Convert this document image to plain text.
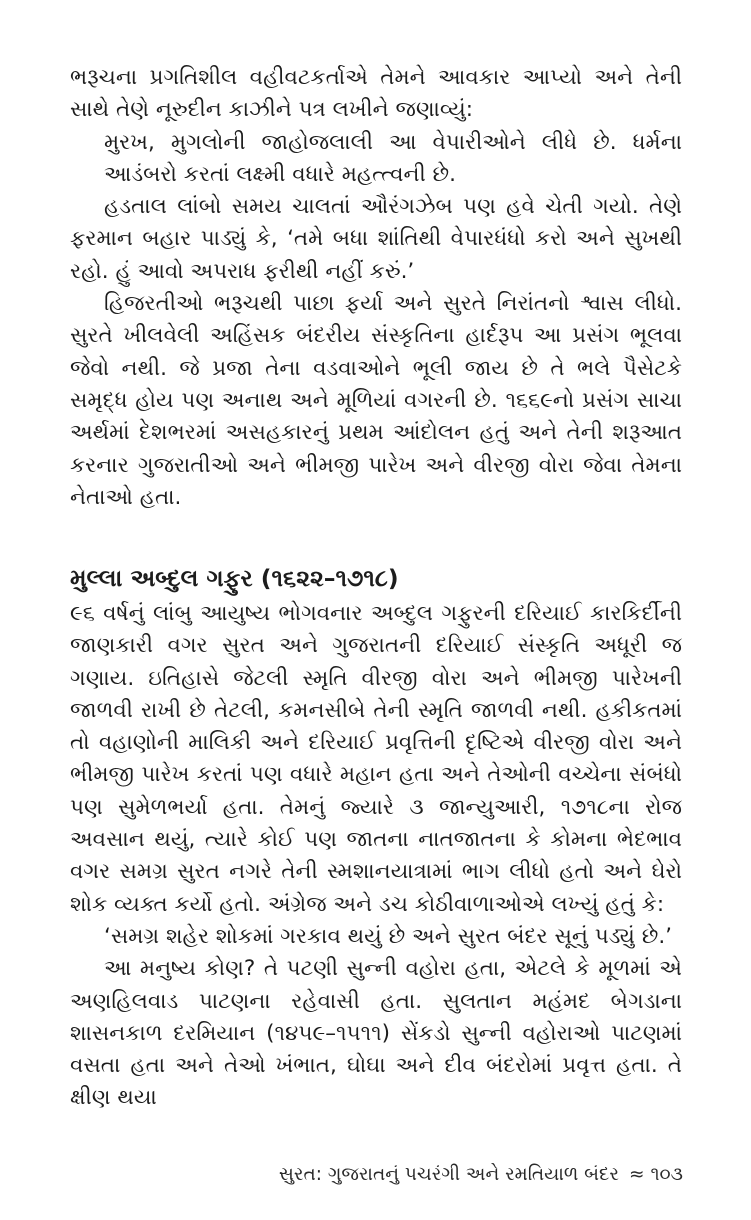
ભરૂચના પ્રગતિશીલ વહીવટકર્તાએ તેમને આવકાર આપ્યો અને તેની સાથે તેણે નૂરુદીન કાઝીને પત્ર લખીને જણાવ્યું:

મુરખ, મુગલોની જાહોજલાલી આ વેપારીઓને લીધે છે. ધર્મના આડંબરો કરતાં લક્ષ્મી વધારે મહત્ત્વની છે.

હડતાલ લાંબો સમય ચાલતાં ઔરંગઝેબ પણ હવે ચેતી ગયો. તેણે ફરમાન બહાર પાડ્યું કે, ‘તમે બધા શાંતિથી વેપારધંધો કરો અને સુખથી રહો. હું આવો અપરાધ ફરીથી નહીં કરું.’

હિજરતીઓ ભરૂચથી પાછા ફર્યા અને સુરતે નિરાંતનો શ્વાસ લીધો. સુરતે ખીલવેલી અહિંસક બંદરીય સંસ્કૃતિના હાર્દરૂપ આ પ્રસંગ ભૂલવા જેવો નથી. જે પ્રજા તેના વડવાઓને ભૂલી જાય છે તે ભલે પૈસેટકે સમૃદ્ધ હોય પણ અનાથ અને મૂળિયાં વગરની છે. ૧૬૬૯નો પ્રસંગ સાચા અર્થમાં દેશભરમાં અસહકારનું પ્રથમ આંદોલન હતું અને તેની શરૂઆત કરનાર ગુજરાતીઓ અને ભીમજી પારેખ અને વીરજી વોરા જેવા તેમના નેતાઓ હતા.

મુલ્લા અબ્દુલ ગફુર (૧૬૨૨–૧૭૧૮)

૯૬ વર્ષનું લાંબુ આયુષ્ય ભોગવનાર અબ્દુલ ગફુરની દરિયાઈ કારકિર્દીની જાણકારી વગર સુરત અને ગુજરાતની દરિયાઈ સંસ્કૃતિ અધૂરી જ ગણાય. ઇતિહાસે જેટલી સ્મૃતિ વીરજી વોરા અને ભીમજી પારેખની જાળવી રાખી છે તેટલી, કમનસીબે તેની સ્મૃતિ જાળવી નથી. હકીકતમાં તો વહાણોની માલિકી અને દરિયાઈ પ્રવૃત્તિની દૃષ્ટિએ વીરજી વોરા અને ભીમજી પારેખ કરતાં પણ વધારે મહાન હતા અને તેઓની વચ્ચેના સંબંધો પણ સુમેળભર્યા હતા. તેમનું જ્યારે ૩ જાન્યુઆરી, ૧૭૧૮ના રોજ અવસાન થયું, ત્યારે કોઈ પણ જાતના નાતજાતના કે કોમના ભેદભાવ વગર સમગ્ર સુરત નગરે તેની સ્મશાનયાત્રામાં ભાગ લીધો હતો અને ઘેરો શોક વ્યક્ત કર્યો હતો. અંગ્રેજ અને ડચ કોઠીવાળાઓએ લખ્યું હતું કે:

‘સમગ્ર શહેર શોકમાં ગરકાવ થયું છે અને સુરત બંદર સૂનું પડ્યું છે.’

આ મનુષ્ય કોણ? તે પટણી સુન્ની વહોરા હતા, એટલે કે મૂળમાં એ અણહિલવાડ પાટણના રહેવાસી હતા. સુલતાન મહંમદ બેગડાના શાસનકાળ દરમિયાન (૧૪૫૯–૧૫૧૧) સેંકડો સુન્ની વહોરાઓ પાટણમાં વસતા હતા અને તેઓ ખંભાત, ઘોઘા અને દીવ બંદરોમાં પ્રવૃત્ત હતા. તે ક્ષીણ થયા

સુરત: ગુજરાતનું પચરંગી અને રમતિયાળ બંદર ≈ ૧૦૩
